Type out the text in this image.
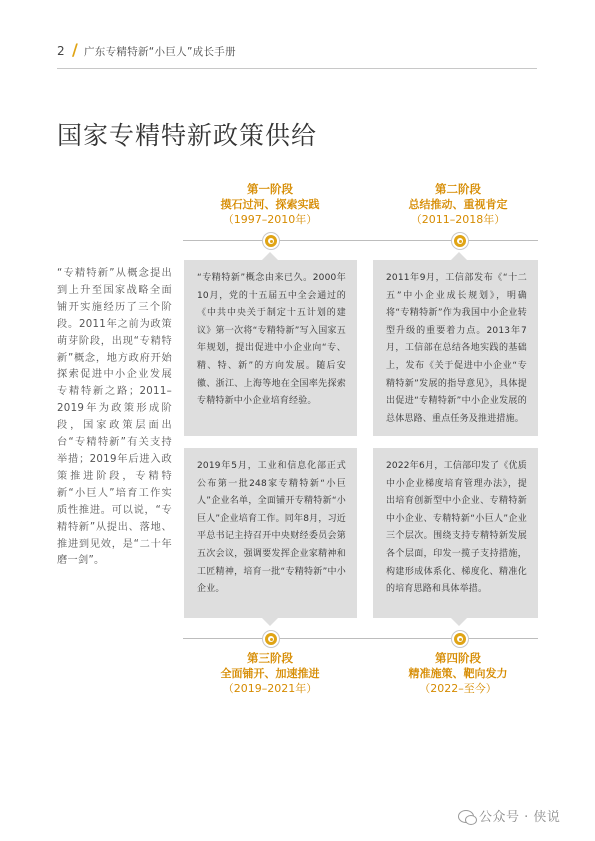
2 / 广东专精特新“小巨人”成长手册
国家专精特新政策供给
第一阶段
摸石过河、探索实践
（1997–2010年）
第二阶段
总结推动、重视肯定
（2011–2018年）
“专精特新”概念由来已久。2000年10月，党的十五届五中全会通过的《中共中央关于制定十五计划的建议》第一次将“专精特新”写入国家五年规划，提出促进中小企业向“专、精、特、新”的方向发展。随后安徽、浙江、上海等地在全国率先探索专精特新中小企业培育经验。
2011年9月，工信部发布《“十二五”中小企业成长规划》，明确将“专精特新”作为我国中小企业转型升级的重要着力点。2013年7月，工信部在总结各地实践的基础上，发布《关于促进中小企业“专精特新”发展的指导意见》，具体提出促进“专精特新”中小企业发展的总体思路、重点任务及推进措施。
2019年5月，工业和信息化部正式公布第一批248家专精特新“小巨人”企业名单，全面铺开专精特新“小巨人”企业培育工作。同年8月，习近平总书记主持召开中央财经委员会第五次会议，强调要发挥企业家精神和工匠精神，培育一批“专精特新”中小企业。
2022年6月，工信部印发了《优质中小企业梯度培育管理办法》，提出培育创新型中小企业、专精特新中小企业、专精特新“小巨人”企业三个层次。围绕支持专精特新发展各个层面，印发一揽子支持措施，构建形成体系化、梯度化、精准化的培育思路和具体举措。
第三阶段
全面铺开、加速推进
（2019–2021年）
第四阶段
精准施策、靶向发力
（2022–至今）
“专精特新”从概念提出到上升至国家战略全面铺开实施经历了三个阶段。2011年之前为政策萌芽阶段，出现“专精特新”概念，地方政府开始探索促进中小企业发展专精特新之路；2011–2019年为政策形成阶段，国家政策层面出台“专精特新”有关支持举措；2019年后进入政策推进阶段，专精特新“小巨人”培育工作实质性推进。可以说，“专精特新”从提出、落地、推进到见效，是“二十年磨一剑”。
公众号 · 侠说
